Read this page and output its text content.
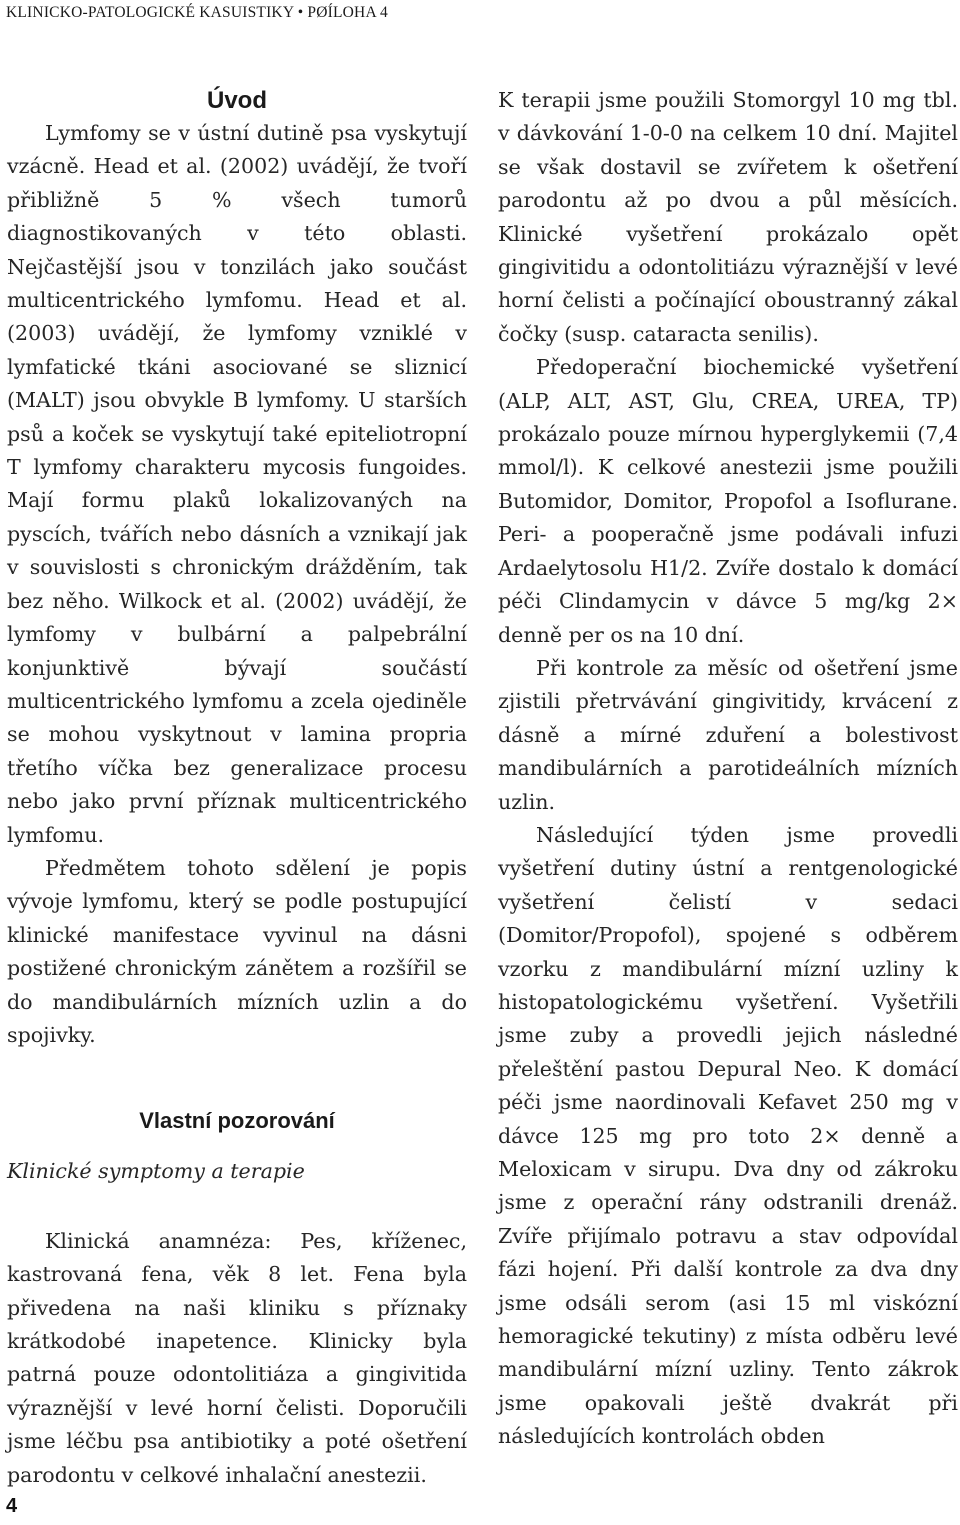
KLINICKO-PATOLOGICKÉ KASUISTIKY • PØÍLOHA 4
Úvod

Lymfomy se v ústní dutině psa vyskytují vzácně. Head et al. (2002) uvádějí, že tvoří přibližně 5 % všech tumorů diagnostikovaných v této oblasti. Nejčastější jsou v tonzilách jako součást multicentrického lymfomu. Head et al. (2003) uvádějí, že lymfomy vzniklé v lymfatické tkáni asociované se sliznicí (MALT) jsou obvykle B lymfomy. U starších psů a koček se vyskytují také epiteliotropní T lymfomy charakteru mycosis fungoides. Mají formu plaků lokalizovaných na pyscích, tvářích nebo dásních a vznikají jak v souvislosti s chronickým drážděním, tak bez něho. Wilkock et al. (2002) uvádějí, že lymfomy v bulbární a palpebrální konjunktivě bývají součástí multicentrického lymfomu a zcela ojediněle se mohou vyskytnout v lamina propria třetího víčka bez generalizace procesu nebo jako první příznak multicentrického lymfomu.

Předmětem tohoto sdělení je popis vývoje lymfomu, který se podle postupující klinické manifestace vyvinul na dásni postižené chronickým zánětem a rozšířil se do mandibulárních mízních uzlin a do spojivky.

Vlastní pozorování
Klinické symptomy a terapie

Klinická anamnéza: Pes, kříženec, kastrovaná fena, věk 8 let. Fena byla přivedena na naši kliniku s příznaky krátkodobé inapetence. Klinicky byla patrná pouze odontolitiáza a gingivitida výraznější v levé horní čelisti. Doporučili jsme léčbu psa antibiotiky a poté ošetření parodontu v celkové inhalační anestezii.

K terapii jsme použili Stomorgyl 10 mg tbl. v dávkování 1-0-0 na celkem 10 dní. Majitel se však dostavil se zvířetem k ošetření parodontu až po dvou a půl měsících. Klinické vyšetření prokázalo opět gingivitidu a odontolitiázu výraznější v levé horní čelisti a počínající oboustranný zákal čočky (susp. cataracta senilis).

Předoperační biochemické vyšetření (ALP, ALT, AST, Glu, CREA, UREA, TP) prokázalo pouze mírnou hyperglykemii (7,4 mmol/l). K celkové anestezii jsme použili Butomidor, Domitor, Propofol a Isoflurane. Peri- a pooperačně jsme podávali infuzi Ardaelytosolu H1/2. Zvíře dostalo k domácí péči Clindamycin v dávce 5 mg/kg 2× denně per os na 10 dní.

Při kontrole za měsíc od ošetření jsme zjistili přetrvávání gingivitidy, krvácení z dásně a mírné zduření a bolestivost mandibulárních a parotideálních mízních uzlin.

Následující týden jsme provedli vyšetření dutiny ústní a rentgenologické vyšetření čelistí v sedaci (Domitor/Propofol), spojené s odběrem vzorku z mandibulární mízní uzliny k histopatologickému vyšetření. Vyšetřili jsme zuby a provedli jejich následné přeleštění pastou Depural Neo. K domácí péči jsme naordinovali Kefavet 250 mg v dávce 125 mg pro toto 2× denně a Meloxicam v sirupu. Dva dny od zákroku jsme z operační rány odstranili drenáž. Zvíře přijímalo potravu a stav odpovídal fázi hojení. Při další kontrole za dva dny jsme odsáli serom (asi 15 ml viskózní hemoragické tekutiny) z místa odběru levé mandibulární mízní uzliny. Tento zákrok jsme opakovali ještě dvakrát při následujících kontrolách obden

4
